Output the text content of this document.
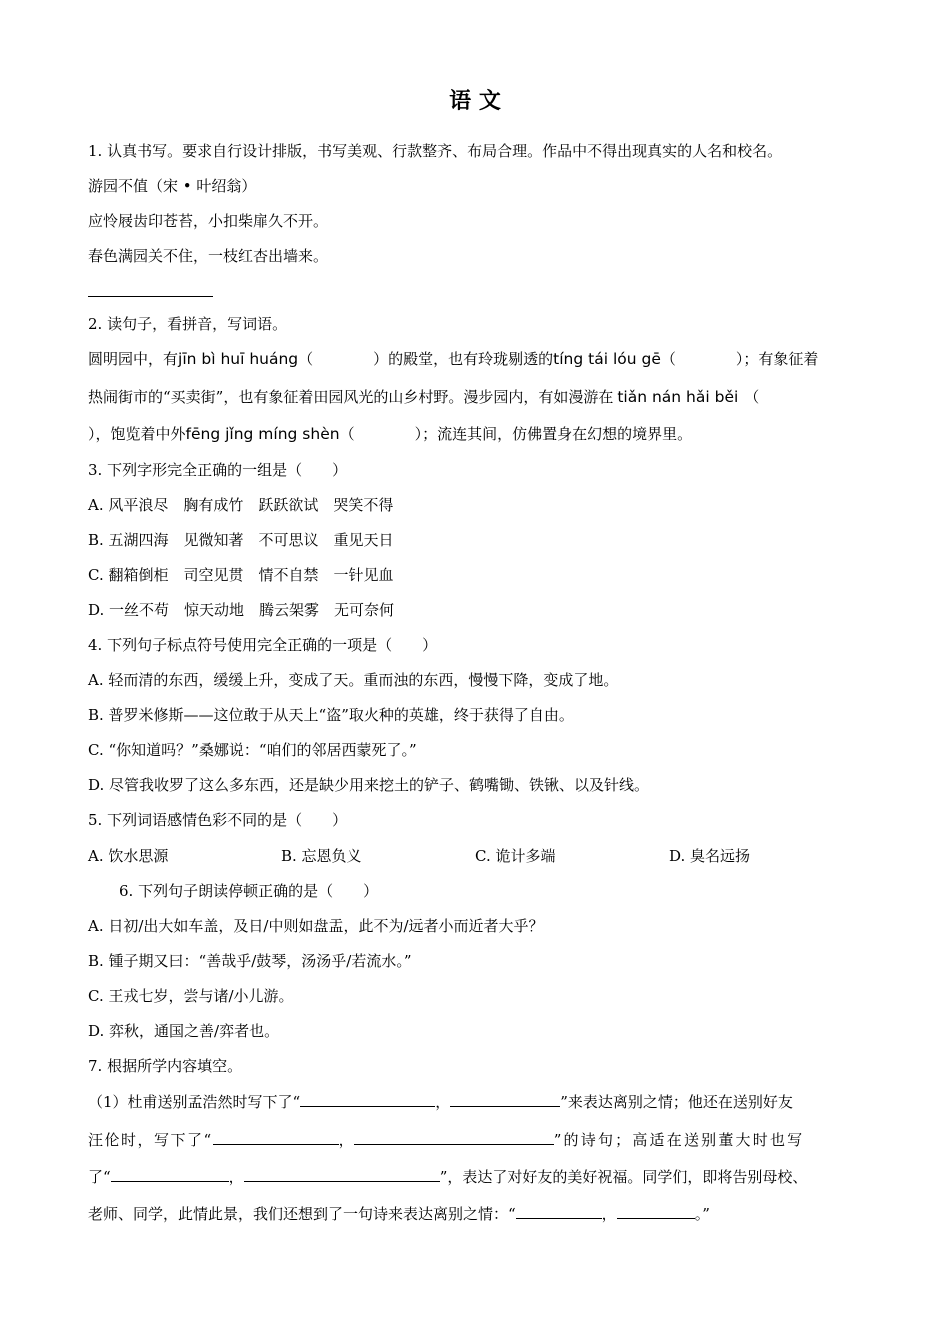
语 文
1. 认真书写。要求自行设计排版，书写美观、行款整齐、布局合理。作品中不得出现真实的人名和校名。
游园不值（宋 • 叶绍翁）
应怜屐齿印苍苔，小扣柴扉久不开。
春色满园关不住，一枝红杏出墙来。
2. 读句子，看拼音，写词语。
圆明园中，有jīn bì huī huáng（　　　　）的殿堂，也有玲珑剔透的tíng tái lóu gē（　　　　）；有象征着
热闹街市的“买卖街”，也有象征着田园风光的山乡村野。漫步园内，有如漫游在 tiǎn nán hǎi běi （
），饱览着中外fēng jǐng míng shèn（　　　　）；流连其间，仿佛置身在幻想的境界里。
3. 下列字形完全正确的一组是（　　）
A. 风平浪尽　胸有成竹　跃跃欲试　哭笑不得
B. 五湖四海　见微知著　不可思议　重见天日
C. 翻箱倒柜　司空见贯　情不自禁　一针见血
D. 一丝不苟　惊天动地　腾云架雾　无可奈何
4. 下列句子标点符号使用完全正确的一项是（　　）
A. 轻而清的东西，缓缓上升，变成了天。重而浊的东西，慢慢下降，变成了地。
B. 普罗米修斯——这位敢于从天上“盗”取火种的英雄，终于获得了自由。
C. “你知道吗？”桑娜说：“咱们的邻居西蒙死了。”
D. 尽管我收罗了这么多东西，还是缺少用来挖土的铲子、鹤嘴锄、铁锹、以及针线。
5. 下列词语感情色彩不同的是（　　）
A. 饮水思源	B. 忘恩负义	C. 诡计多端	D. 臭名远扬
6. 下列句子朗读停顿正确的是（　　）
A. 日初/出大如车盖，及日/中则如盘盂，此不为/远者小而近者大乎？
B. 锺子期又曰：“善哉乎/鼓琴，汤汤乎/若流水。”
C. 王戎七岁，尝与诸/小儿游。
D. 弈秋，通国之善/弈者也。
7. 根据所学内容填空。
（1）杜甫送别孟浩然时写下了“	，	”来表达离别之情；他还在送别好友
汪伦时，写下了“	，	”的诗句；高适在送别董大时也写
了“	，	”，表达了对好友的美好祝福。同学们，即将告别母校、
老师、同学，此情此景，我们还想到了一句诗来表达离别之情：“	，	。”
